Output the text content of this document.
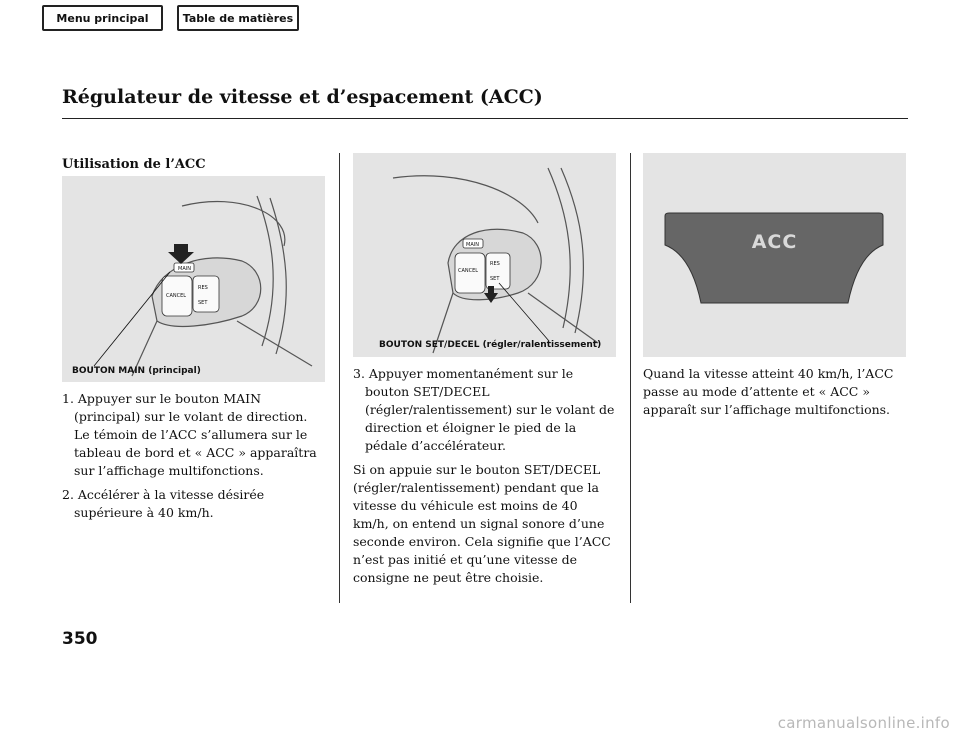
Menu principal	Table de matières
Régulateur de vitesse et d’espacement (ACC)
Utilisation de l’ACC
MAIN
CANCEL
RES
SET
BOUTON MAIN (principal)
MAIN
CANCEL
RES
SET
BOUTON SET/DECEL (régler/ralentissement)
ACC

1. Appuyer sur le bouton MAIN (principal) sur le volant de direction. Le témoin de l’ACC s’allumera sur le tableau de bord et « ACC » apparaîtra sur l’affichage multifonctions.

2. Accélérer à la vitesse désirée supérieure à 40 km/h.

3. Appuyer momentanément sur le bouton SET/DECEL (régler/ralentissement) sur le volant de direction et éloigner le pied de la pédale d’accélérateur.

Si on appuie sur le bouton SET/DECEL (régler/ralentissement) pendant que la vitesse du véhicule est moins de 40 km/h, on entend un signal sonore d’une seconde environ. Cela signifie que l’ACC n’est pas initié et qu’une vitesse de consigne ne peut être choisie.

Quand la vitesse atteint 40 km/h, l’ACC passe au mode d’attente et « ACC » apparaît sur l’affichage multifonctions.

350
carmanualsonline.info
